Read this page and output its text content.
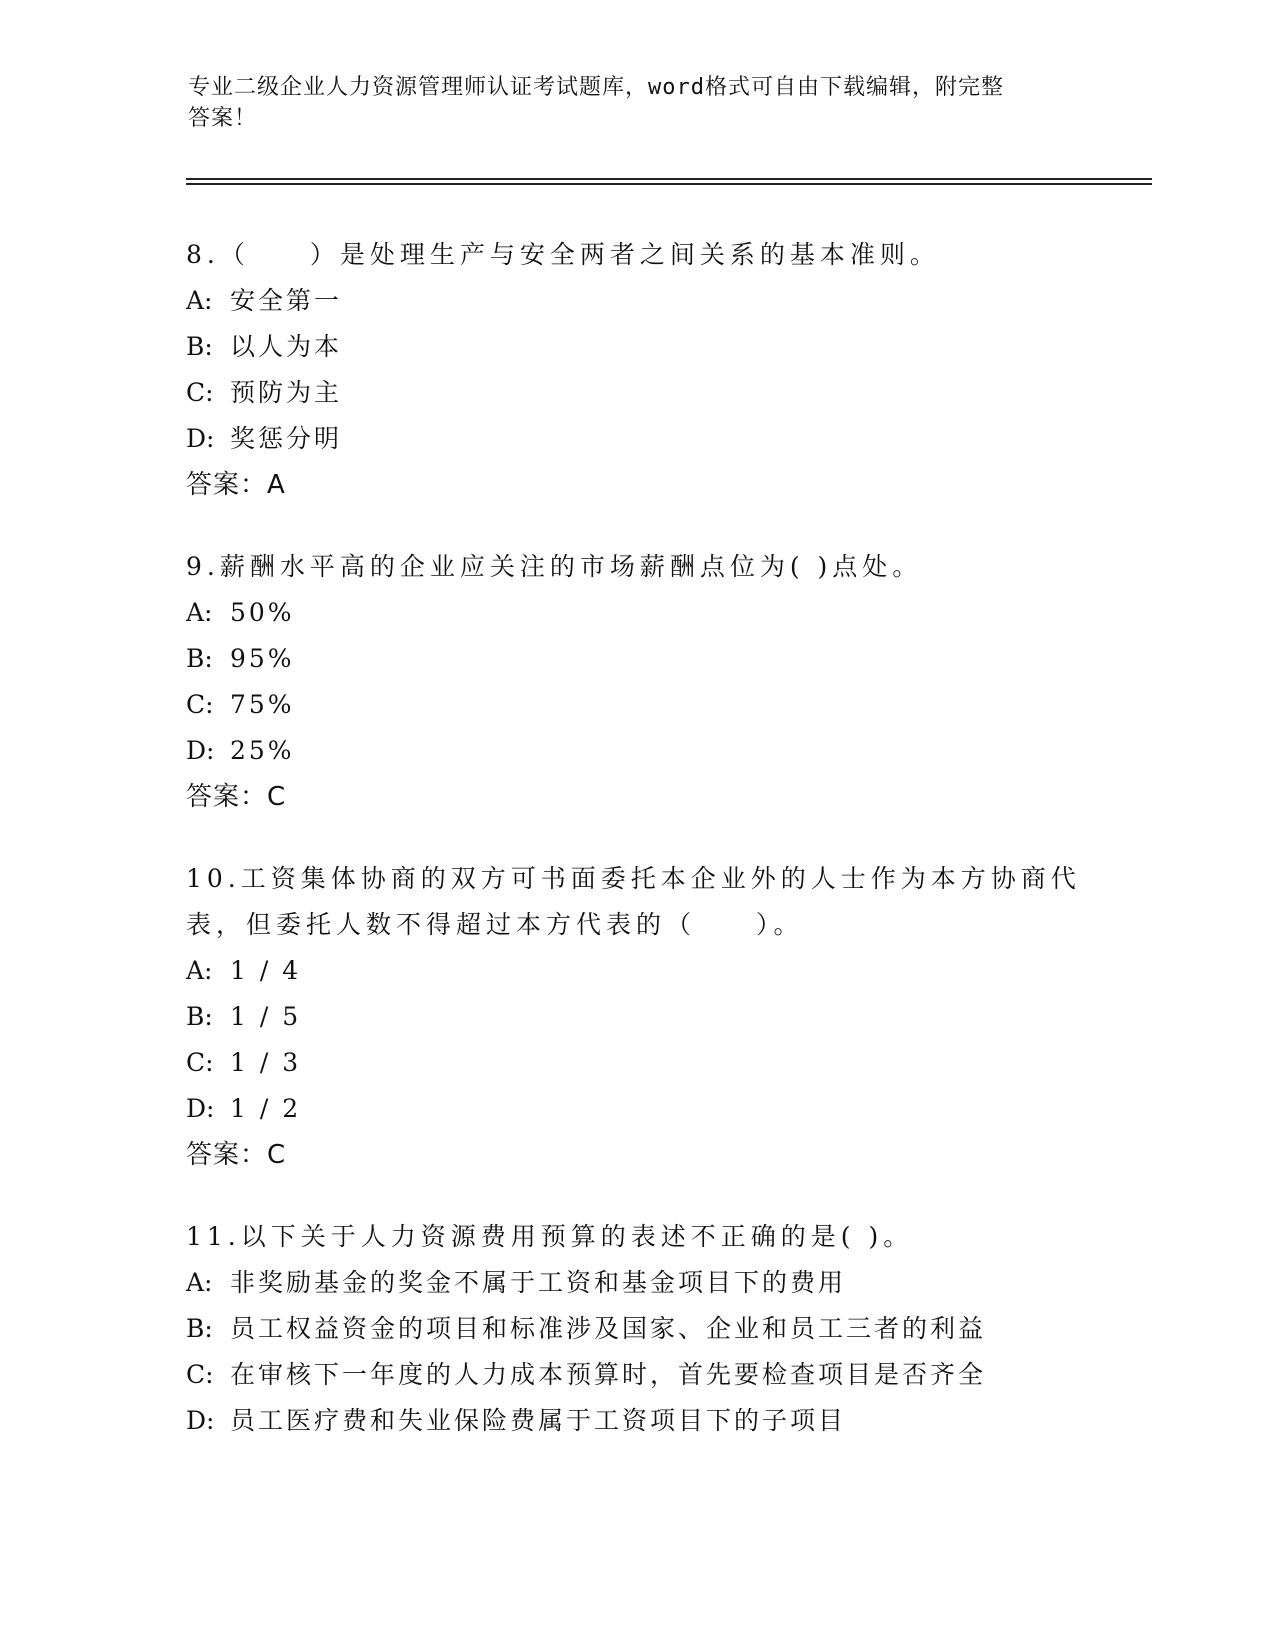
专业二级企业人力资源管理师认证考试题库，word格式可自由下载编辑，附完整
答案！

8.（　　）是处理生产与安全两者之间关系的基本准则。

A: 安全第一
B: 以人为本
C: 预防为主
D: 奖惩分明
答案：A

9.薪酬水平高的企业应关注的市场薪酬点位为( )点处。

A: 50%
B: 95%
C: 75%
D: 25%
答案：C

10.工资集体协商的双方可书面委托本企业外的人士作为本方协商代表，但委托人数不得超过本方代表的（　　）。

A: 1 / 4
B: 1 / 5
C: 1 / 3
D: 1 / 2
答案：C

11.以下关于人力资源费用预算的表述不正确的是( )。

A: 非奖励基金的奖金不属于工资和基金项目下的费用
B: 员工权益资金的项目和标准涉及国家、企业和员工三者的利益
C: 在审核下一年度的人力成本预算时，首先要检查项目是否齐全
D: 员工医疗费和失业保险费属于工资项目下的子项目
